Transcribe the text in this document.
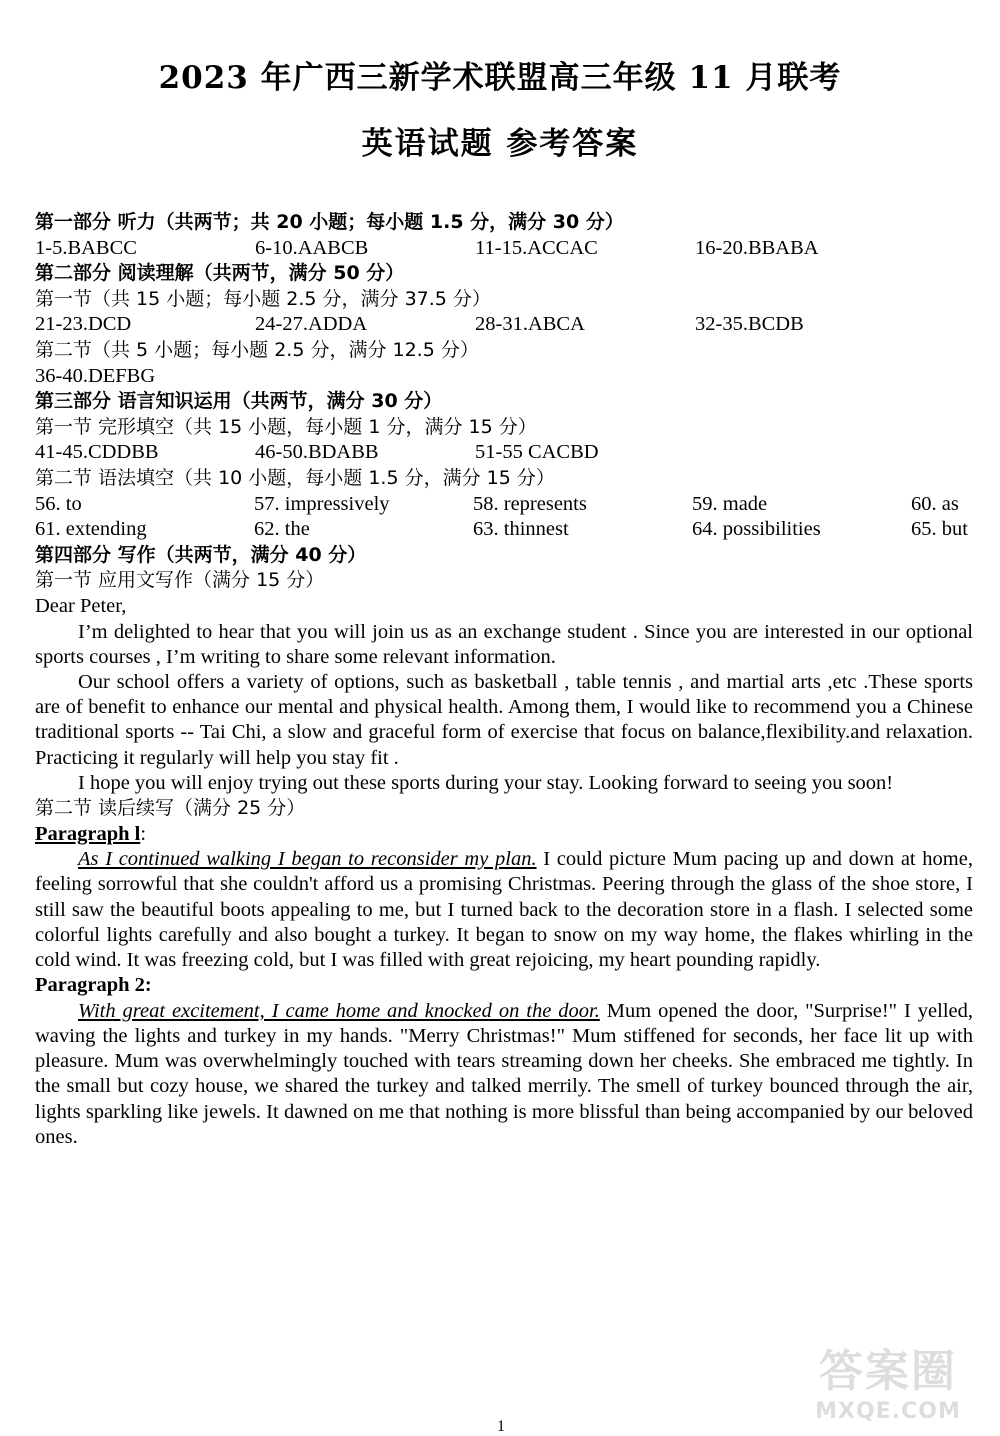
2023 年广西三新学术联盟高三年级 11 月联考
英语试题 参考答案
第一部分 听力（共两节；共 20 小题；每小题 1.5 分，满分 30 分）
1-5.BABCC	6-10.AABCB	11-15.ACCAC	16-20.BBABA
第二部分 阅读理解（共两节，满分 50 分）
第一节（共 15 小题；每小题 2.5 分，满分 37.5 分）
21-23.DCD	24-27.ADDA	28-31.ABCA	32-35.BCDB
第二节（共 5 小题；每小题 2.5 分，满分 12.5 分）
36-40.DEFBG
第三部分 语言知识运用（共两节，满分 30 分）
第一节 完形填空（共 15 小题，每小题 1 分，满分 15 分）
41-45.CDDBB	46-50.BDABB	51-55 CACBD
第二节 语法填空（共 10 小题，每小题 1.5 分，满分 15 分）
56. to	57. impressively	58. represents	59. made	60. as
61. extending	62. the	63. thinnest	64. possibilities	65. but
第四部分 写作（共两节，满分 40 分）
第一节 应用文写作（满分 15 分）
Dear Peter,

I’m delighted to hear that you will join us as an exchange student . Since you are interested in our optional sports courses , I’m writing to share some relevant information.

Our school offers a variety of options, such as basketball , table tennis , and martial arts ,etc .These sports are of benefit to enhance our mental and physical health. Among them, I would like to recommend you a Chinese traditional sports -- Tai Chi, a slow and graceful form of exercise that focus on balance,flexibility.and relaxation. Practicing it regularly will help you stay fit .

I hope you will enjoy trying out these sports during your stay. Looking forward to seeing you soon!

第二节 读后续写（满分 25 分）
Paragraph l:

As I continued walking I began to reconsider my plan. I could picture Mum pacing up and down at home, feeling sorrowful that she couldn't afford us a promising Christmas. Peering through the glass of the shoe store, I still saw the beautiful boots appealing to me, but I turned back to the decoration store in a flash. I selected some colorful lights carefully and also bought a turkey. It began to snow on my way home, the flakes whirling in the cold wind. It was freezing cold, but I was filled with great rejoicing, my heart pounding rapidly.

Paragraph 2:

With great excitement, I came home and knocked on the door. Mum opened the door, "Surprise!" I yelled, waving the lights and turkey in my hands. "Merry Christmas!" Mum stiffened for seconds, her face lit up with pleasure. Mum was overwhelmingly touched with tears streaming down her cheeks. She embraced me tightly. In the small but cozy house, we shared the turkey and talked merrily. The smell of turkey bounced through the air, lights sparkling like jewels. It dawned on me that nothing is more blissful than being accompanied by our beloved ones.

1
答案圈
MXQE.COM
